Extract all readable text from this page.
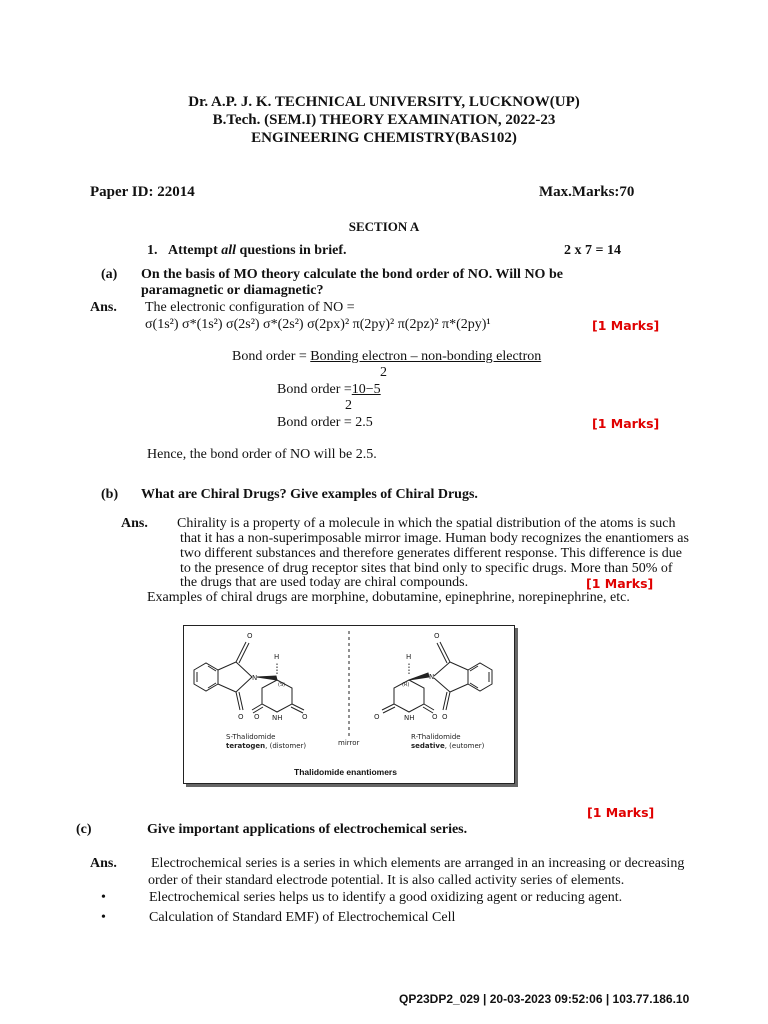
Dr. A.P. J. K. TECHNICAL UNIVERSITY, LUCKNOW(UP)
B.Tech. (SEM.I) THEORY EXAMINATION, 2022-23
ENGINEERING CHEMISTRY(BAS102)
Paper ID: 22014	Max.Marks:70
SECTION A
1. Attempt all questions in brief.	2 x 7 = 14
(a) On the basis of MO theory calculate the bond order of NO. Will NO be
paramagnetic or diamagnetic?
Ans. The electronic configuration of NO =
σ(1s²) σ*(1s²) σ(2s²) σ*(2s²) σ(2px)² π(2py)² π(2pz)² π*(2py)¹	[1 Marks]
Bond order = Bonding electron – non-bonding electron
2
Bond order =10−5
2
Bond order = 2.5	[1 Marks]
Hence, the bond order of NO will be 2.5.
(b) What are Chiral Drugs? Give examples of Chiral Drugs.
Ans. Chirality is a property of a molecule in which the spatial distribution of the atoms is such
that it has a non-superimposable mirror image. Human body recognizes the enantiomers as
two different substances and therefore generates different response. This difference is due
to the presence of drug receptor sites that bind only to specific drugs. More than 50% of
the drugs that are used today are chiral compounds.	[1 Marks]
Examples of chiral drugs are morphine, dobutamine, epinephrine, norepinephrine, etc.
O
O
N
H
(S)
O NH	O	O	NH	O
H
(R)
N
O
O
S-Thalidomide
teratogen, (distomer)	mirror
R-Thalidomide
sedative, (eutomer)
Thalidomide enantiomers
[1 Marks]
(c)	Give important applications of electrochemical series.
Ans. Electrochemical series is a series in which elements are arranged in an increasing or decreasing
order of their standard electrode potential. It is also called activity series of elements.
•	Electrochemical series helps us to identify a good oxidizing agent or reducing agent.
•	Calculation of Standard EMF) of Electrochemical Cell
QP23DP2_029 | 20-03-2023 09:52:06 | 103.77.186.10
